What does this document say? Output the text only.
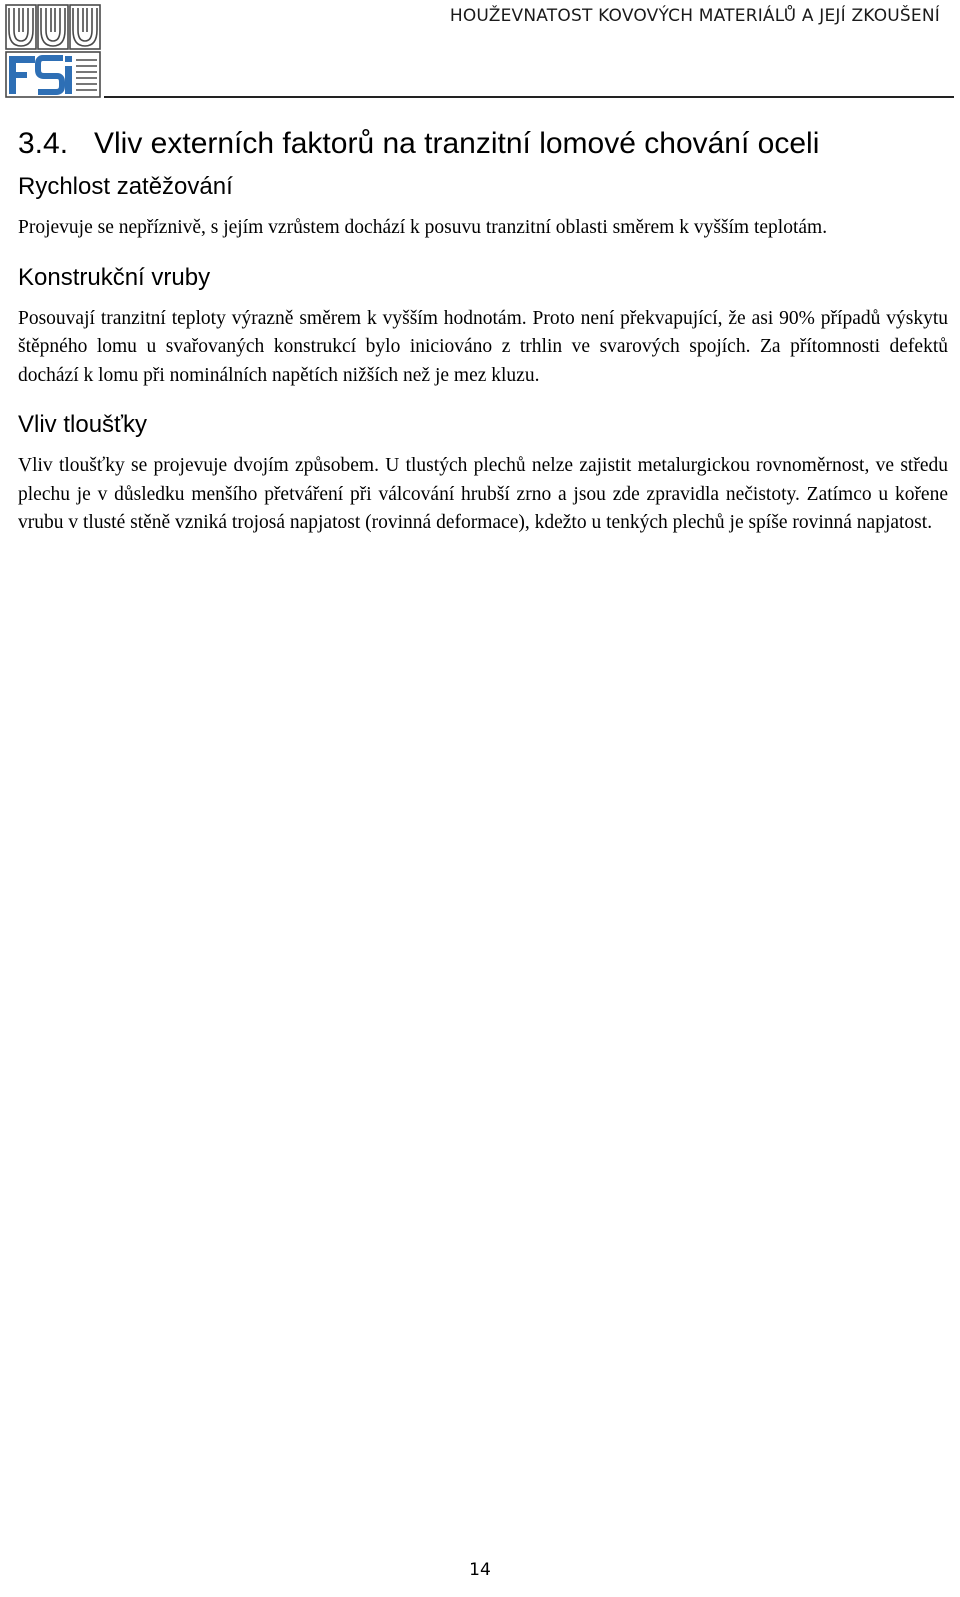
HOUŽEVNATOST KOVOVÝCH MATERIÁLŮ A JEJÍ ZKOUŠENÍ
3.4. Vliv externích faktorů na tranzitní lomové chování oceli
Rychlost zatěžování

Projevuje se nepříznivě, s jejím vzrůstem dochází k posuvu tranzitní oblasti směrem k vyšším teplotám.

Konstrukční vruby

Posouvají tranzitní teploty výrazně směrem k vyšším hodnotám. Proto není překvapující, že asi 90% případů výskytu štěpného lomu u svařovaných konstrukcí bylo iniciováno z trhlin ve svarových spojích. Za přítomnosti defektů dochází k lomu při nominálních napětích nižších než je mez kluzu.

Vliv tloušťky

Vliv tloušťky se projevuje dvojím způsobem. U tlustých plechů nelze zajistit metalurgickou rovnoměrnost, ve středu plechu je v důsledku menšího přetváření při válcování hrubší zrno a jsou zde zpravidla nečistoty. Zatímco u kořene vrubu v tlusté stěně vzniká trojosá napjatost (rovinná deformace), kdežto u tenkých plechů je spíše rovinná napjatost.

14
